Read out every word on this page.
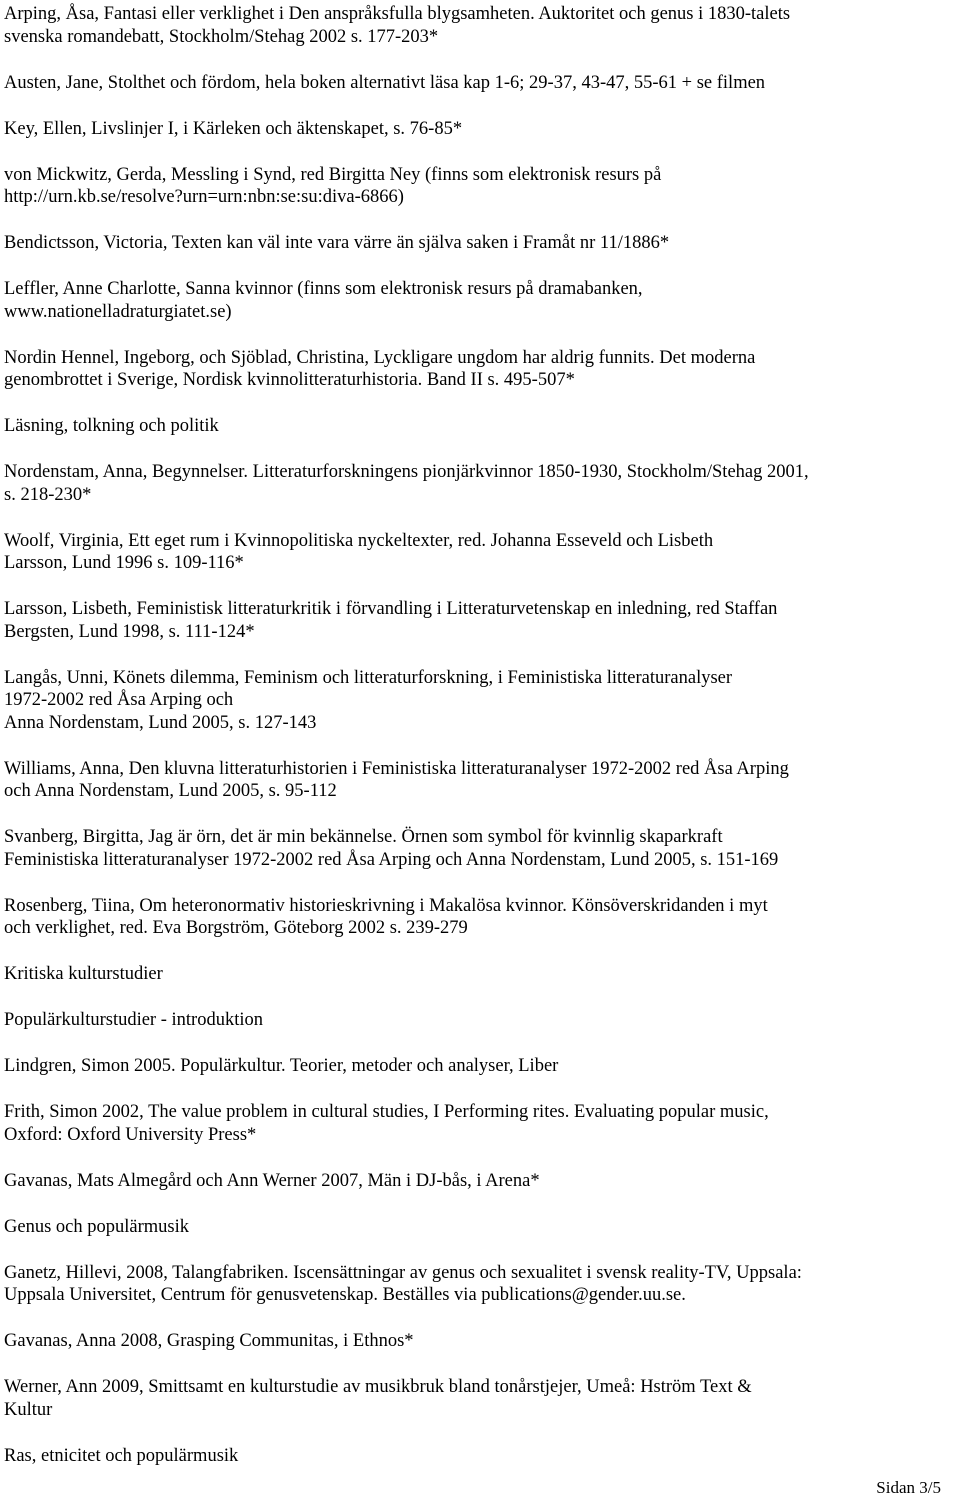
Arping, Åsa, Fantasi eller verklighet i Den anspråksfulla blygsamheten. Auktoritet och genus i 1830-talets
svenska romandebatt, Stockholm/Stehag 2002 s. 177-203*

Austen, Jane, Stolthet och fördom, hela boken alternativt läsa kap 1-6; 29-37, 43-47, 55-61 + se filmen

Key, Ellen, Livslinjer I, i Kärleken och äktenskapet, s. 76-85*

von Mickwitz, Gerda, Messling i Synd, red Birgitta Ney (finns som elektronisk resurs på
http://urn.kb.se/resolve?urn=urn:nbn:se:su:diva-6866)

Bendictsson, Victoria, Texten kan väl inte vara värre än själva saken i Framåt nr 11/1886*

Leffler, Anne Charlotte, Sanna kvinnor (finns som elektronisk resurs på dramabanken,
www.nationelladraturgiatet.se)

Nordin Hennel, Ingeborg, och Sjöblad, Christina, Lyckligare ungdom har aldrig funnits. Det moderna
genombrottet i Sverige, Nordisk kvinnolitteraturhistoria. Band II s. 495-507*

Läsning, tolkning och politik

Nordenstam, Anna, Begynnelser. Litteraturforskningens pionjärkvinnor 1850-1930, Stockholm/Stehag 2001,
s. 218-230*

Woolf, Virginia, Ett eget rum i Kvinnopolitiska nyckeltexter, red. Johanna Esseveld och Lisbeth
Larsson, Lund 1996 s. 109-116*

Larsson, Lisbeth, Feministisk litteraturkritik i förvandling i Litteraturvetenskap en inledning, red Staffan
Bergsten, Lund 1998, s. 111-124*

Langås, Unni, Könets dilemma, Feminism och litteraturforskning, i Feministiska litteraturanalyser
1972-2002 red Åsa Arping och
Anna Nordenstam, Lund 2005, s. 127-143

Williams, Anna, Den kluvna litteraturhistorien i Feministiska litteraturanalyser 1972-2002 red Åsa Arping
och Anna Nordenstam, Lund 2005, s. 95-112

Svanberg, Birgitta, Jag är örn, det är min bekännelse. Örnen som symbol för kvinnlig skaparkraft
Feministiska litteraturanalyser 1972-2002 red Åsa Arping och Anna Nordenstam, Lund 2005, s. 151-169

Rosenberg, Tiina, Om heteronormativ historieskrivning i Makalösa kvinnor. Könsöverskridanden i myt
och verklighet, red. Eva Borgström, Göteborg 2002 s. 239-279

Kritiska kulturstudier

Populärkulturstudier - introduktion

Lindgren, Simon 2005. Populärkultur. Teorier, metoder och analyser, Liber

Frith, Simon 2002, The value problem in cultural studies, I Performing rites. Evaluating popular music,
Oxford: Oxford University Press*

Gavanas, Mats Almegård och Ann Werner 2007, Män i DJ-bås, i Arena*

Genus och populärmusik

Ganetz, Hillevi, 2008, Talangfabriken. Iscensättningar av genus och sexualitet i svensk reality-TV, Uppsala:
Uppsala Universitet, Centrum för genusvetenskap. Beställes via publications@gender.uu.se.

Gavanas, Anna 2008, Grasping Communitas, i Ethnos*

Werner, Ann 2009, Smittsamt en kulturstudie av musikbruk bland tonårstjejer, Umeå: Hström Text &
Kultur

Ras, etnicitet och populärmusik

Sidan 3/5
